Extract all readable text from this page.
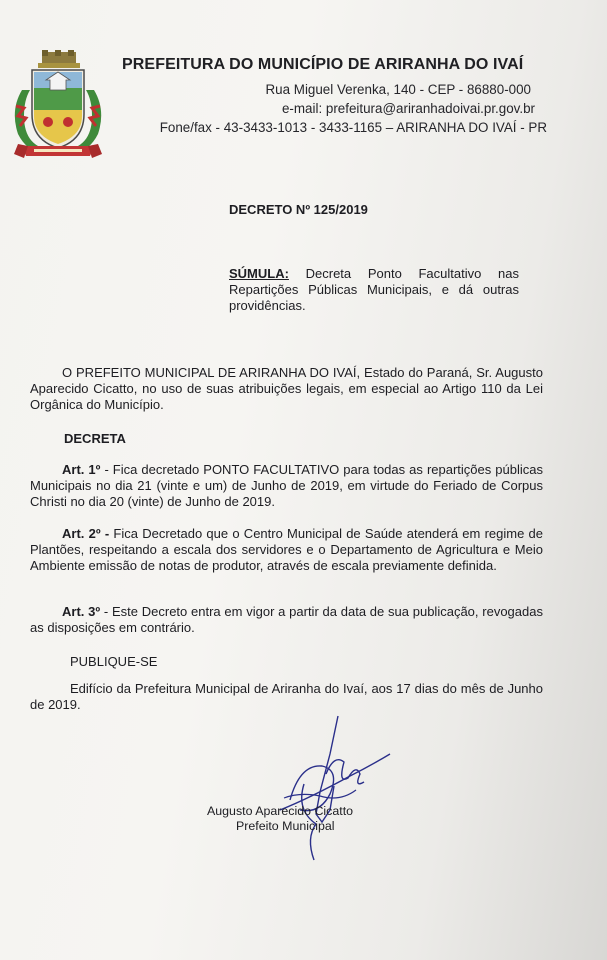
PREFEITURA DO MUNICÍPIO DE ARIRANHA DO IVAÍ
Rua Miguel Verenka, 140 - CEP - 86880-000
e-mail: prefeitura@ariranhadoivai.pr.gov.br
Fone/fax - 43-3433-1013 - 3433-1165 – ARIRANHA DO IVAÍ - PR
DECRETO Nº 125/2019
SÚMULA: Decreta Ponto Facultativo nas Repartições Públicas Municipais, e dá outras providências.
O PREFEITO MUNICIPAL DE ARIRANHA DO IVAÍ, Estado do Paraná, Sr. Augusto Aparecido Cicatto, no uso de suas atribuições legais, em especial ao Artigo 110 da Lei Orgânica do Município.
DECRETA
Art. 1º - Fica decretado PONTO FACULTATIVO para todas as repartições públicas Municipais no dia 21 (vinte e um) de Junho de 2019, em virtude do Feriado de Corpus Christi no dia 20 (vinte) de Junho de 2019.
Art. 2º - Fica Decretado que o Centro Municipal de Saúde atenderá em regime de Plantões, respeitando a escala dos servidores e o Departamento de Agricultura e Meio Ambiente emissão de notas de produtor, através de escala previamente definida.
Art. 3º - Este Decreto entra em vigor a partir da data de sua publicação, revogadas as disposições em contrário.
PUBLIQUE-SE
Edifício da Prefeitura Municipal de Ariranha do Ivaí, aos 17 dias do mês de Junho de 2019.
Augusto Aparecido Cicatto
Prefeito Municipal
